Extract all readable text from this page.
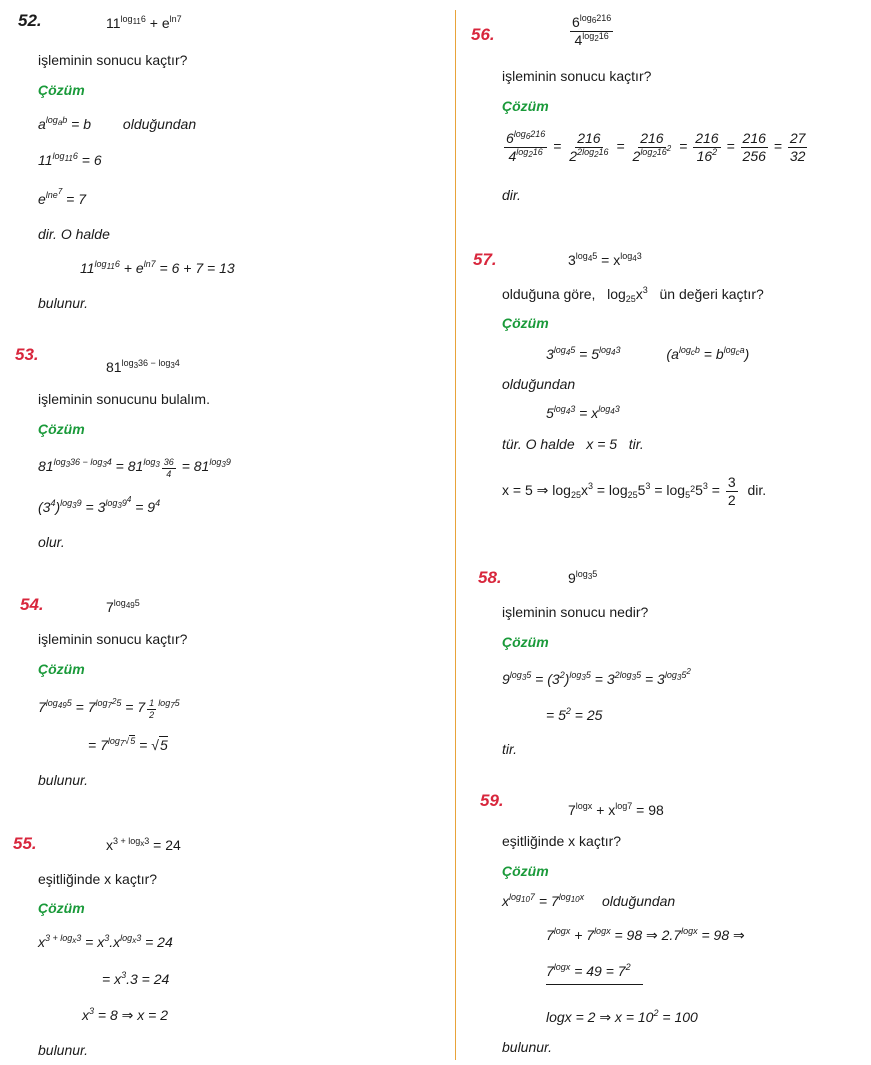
52.	$11^{log_{11}6} + e^{ln7}$
işleminin sonucu kaçtır?
Çözüm
$a^{log_ab} = b$ olduğundan
$11^{log_{11}6} = 6$
$e^{lne^7} = 7$
dir. O halde
$11^{log_{11}6} + e^{ln7} = 6 + 7 = 13$
bulunur.
53.
$81^{log_336 - log_34}$
işleminin sonucunu bulalım.
Çözüm
$81^{log_336 - log_34} = 81^{log_3 \frac{36}{4}} = 81^{log_39}$
$(3^4)^{log_39} = 3^{log_39^4} = 9^4$
olur.
54.	$7^{log_{49}5}$
işleminin sonucu kaçtır?
Çözüm
$7^{log_{49}5} = 7^{log_{7^2}5} = 7$ $^{\frac{1}{2} log_75}$
= $7^{log_7√5} = √5$
bulunur.
55.	$x^{3 + log_x3} = 24$
eşitliğinde x kaçtır?
Çözüm
$x^{3 + log_x3} = x^3.x^{log_x3} = 24$
= $x^3.3 = 24$
$x^3 = 8$ ⇒ x = 2
bulunur.
56.	$\frac{6^{log_6216}}{4^{log_216}}$
işleminin sonucu kaçtır?
Çözüm
$\frac{6^{log_6216}}{4^{log_216}} = \frac{216}{2^{2log_216}} = \frac{216}{2^{log_216^2}} = \frac{216}{16^2} = \frac{216}{256} = \frac{27}{32}$
dir.
57.	$3^{log_45} = x^{log_43}$
olduğuna göre,   $\log_{25}x^3$ ün değeri kaçtır?
Çözüm
$3^{log_45} = 5^{log_43}$	$(a^{log_cb} = b^{log_ca})$
olduğundan
$5^{log_43} = x^{log_43}$
tür. O halde   x = 5   tir.
x = 5 ⇒ $\log_{25}x^3 = \log_{25}5^3 = \log_{5^2}5^3 = \frac{3}{2}$ dir.
58.	$9^{log_35}$
işleminin sonucu nedir?
Çözüm
$9^{log_35} = (3^2)^{log_35} = 3^{2log_35} = 3^{log_35^2}$
= $5^2 = 25$
tir.
59.	$7^{logx} + x^{log7} = 98$
eşitliğinde x kaçtır?
Çözüm
$x^{log_{10}7} = 7^{log_{10}x}$ olduğundan
$7^{logx} + 7^{logx} = 98$ ⇒ $2.7^{logx} = 98$ ⇒
$7^{logx} = 49 = 7^2$
logx = 2 ⇒ $x = 10^2 = 100$
bulunur.
